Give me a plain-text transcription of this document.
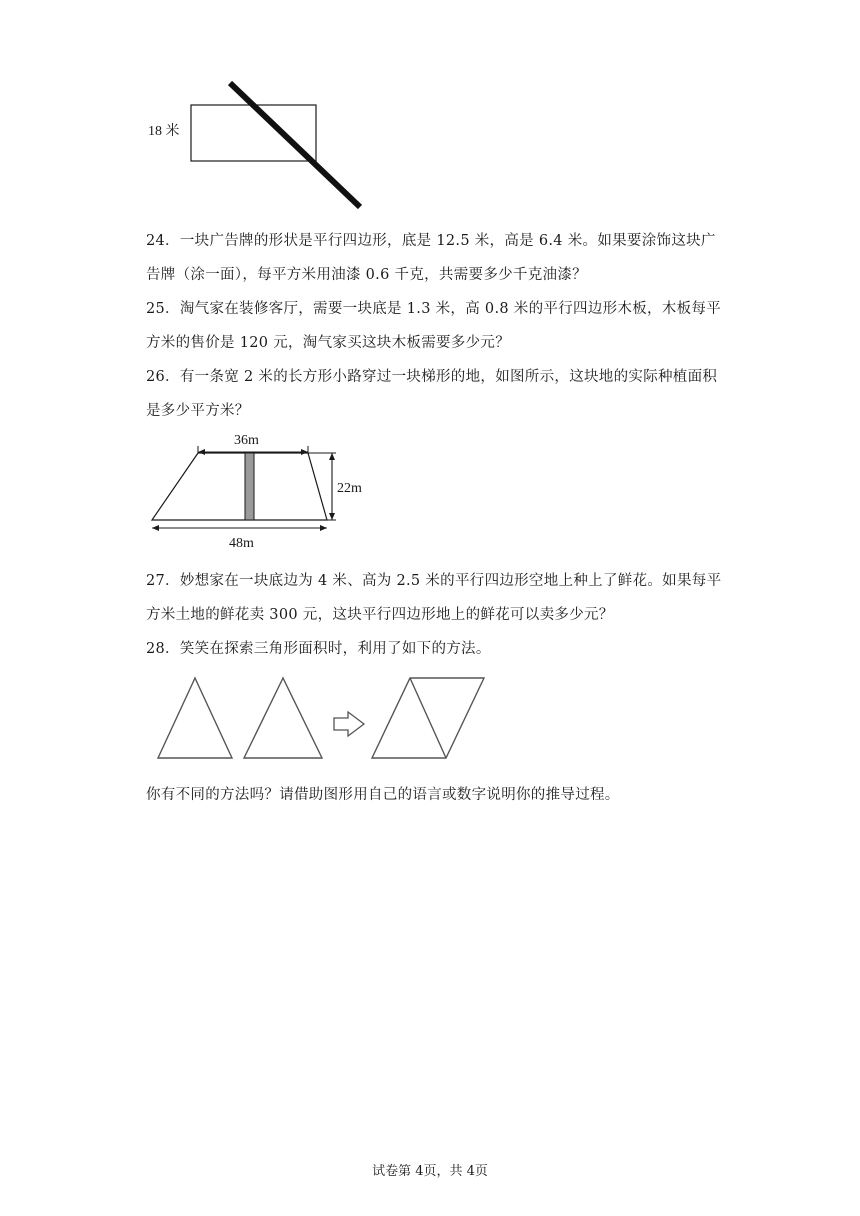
18 米
24．一块广告牌的形状是平行四边形，底是 12.5 米，高是 6.4 米。如果要涂饰这块广告牌（涂一面），每平方米用油漆 0.6 千克，共需要多少千克油漆？
25．淘气家在装修客厅，需要一块底是 1.3 米，高 0.8 米的平行四边形木板，木板每平方米的售价是 120 元，淘气家买这块木板需要多少元？
26．有一条宽 2 米的长方形小路穿过一块梯形的地，如图所示，这块地的实际种植面积是多少平方米？
36m
22m
48m
27．妙想家在一块底边为 4 米、高为 2.5 米的平行四边形空地上种上了鲜花。如果每平方米土地的鲜花卖 300 元，这块平行四边形地上的鲜花可以卖多少元？
28．笑笑在探索三角形面积时，利用了如下的方法。
你有不同的方法吗？请借助图形用自己的语言或数字说明你的推导过程。
试卷第 4页，共 4页
